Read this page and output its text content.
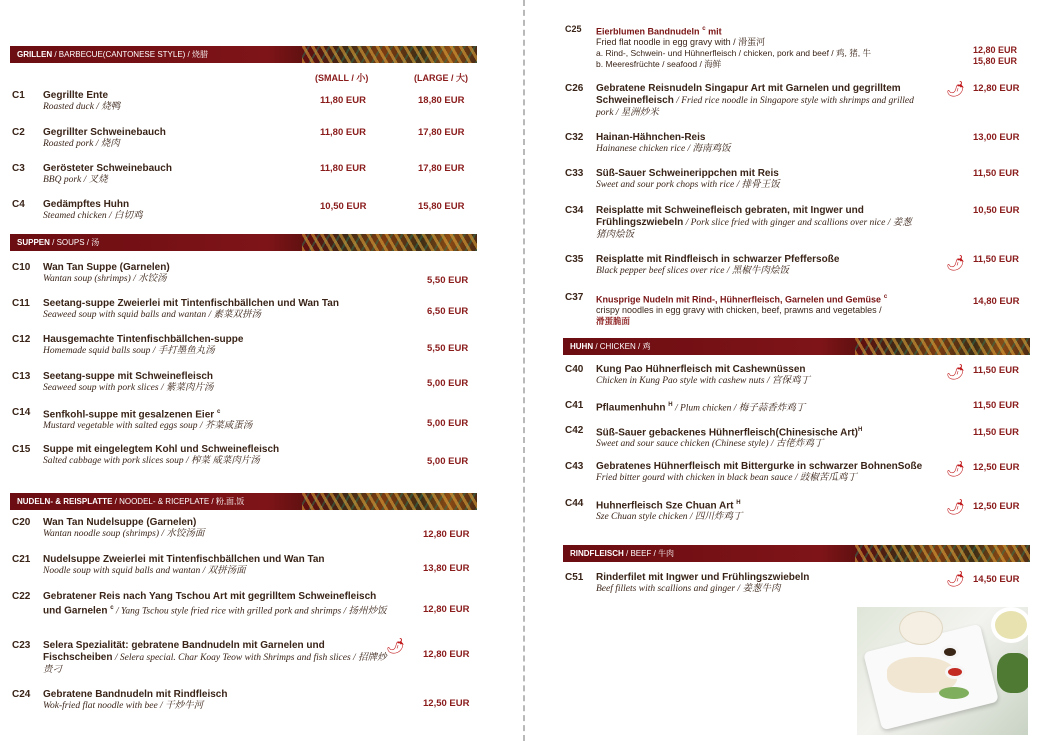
GRILLEN / BARBECUE(CANTONESE STYLE) / 烧腊
(SMALL / 小)	(LARGE / 大)
C1 Gegrillte Ente
Roasted duck / 烧鸭
11,80 EUR	18,80 EUR
C2 Gegrillter Schweinebauch
Roasted pork / 烧肉
11,80 EUR	17,80 EUR
C3 Gerösteter Schweinebauch
BBQ pork / 叉烧
11,80 EUR	17,80 EUR
C4 Gedämpftes Huhn
Steamed chicken / 白切鸡
10,50 EUR	15,80 EUR
SUPPEN / SOUPS / 汤
C10 Wan Tan Suppe (Garnelen)
Wantan soup (shrimps) / 水饺汤	5,50 EUR
C11 Seetang-suppe Zweierlei mit Tintenfischbällchen und Wan Tan
Seaweed soup with squid balls and wantan / 素菜双拼汤	6,50 EUR
C12 Hausgemachte Tintenfischbällchen-suppe
Homemade squid balls soup / 手打墨鱼丸汤	5,50 EUR
C13 Seetang-suppe mit Schweinefleisch
Seaweed soup with pork slices / 紫菜肉片汤	5,00 EUR
C14 Senfkohl-suppe mit gesalzenen Eier $^c$
Mustard vegetable with salted eggs soup / 芥菜咸蛋汤	5,00 EUR
C15 Suppe mit eingelegtem Kohl und Schweinefleisch
Salted cabbage with pork slices soup / 榨菜 威菜肉片汤	5,00 EUR
NUDELN- & REISPLATTE / NOODEL- & RICEPLATE / 粉,面,饭
C20 Wan Tan Nudelsuppe (Garnelen)
Wantan noodle soup (shrimps) / 水饺汤面	12,80 EUR
C21 Nudelsuppe Zweierlei mit Tintenfischbällchen und Wan Tan
Noodle soup with squid balls and wantan / 双拼汤面	13,80 EUR
C22 Gebratener Reis nach Yang Tschou Art mit gegrilltem Schweinefleisch und Garnelen $^c$ / Yang Tschou style fried rice with grilled pork and shrimps / 扬州炒饭	12,80 EUR
C23 Selera Spezialität: gebratene Bandnudeln mit Garnelen und Fischscheiben / Selera special. Char Koay Teow with Shrimps and fish slices / 招牌炒贵刁
🌶 12,80 EUR
C24 Gebratene Bandnudeln mit Rindfleisch
Wok-fried flat noodle with bee / 干炒牛河	12,50 EUR
C25 Eierblumen Bandnudeln $^c$ mit
Fried flat noodle in egg gravy with / 滑蛋河
a. Rind-, Schwein- und Hühnerfleisch / chicken, pork and beef / 鸡, 猪, 牛
b. Meeresfrüchte / seafood / 海鲜
12,80 EUR
15,80 EUR
C26 Gebratene Reisnudeln Singapur Art mit Garnelen und gegrilltem Schweinefleisch / Fried rice noodle in Singapore style with shrimps and grilled pork / 星洲炒米
🌶 12,80 EUR
C32 Hainan-Hähnchen-Reis
Hainanese chicken rice / 海南鸡饭
13,00 EUR
C33 Süß-Sauer Schweinerippchen mit Reis
Sweet and sour pork chops with rice / 排骨王饭
11,50 EUR
C34 Reisplatte mit Schweinefleisch gebraten, mit Ingwer und Frühlingszwiebeln / Pork slice fried with ginger and scallions over nice / 姜葱猪肉烩饭
10,50 EUR
C35 Reisplatte mit Rindfleisch in schwarzer Pfeffersoße
Black pepper beef slices over rice / 黑椒牛肉烩饭	🌶 11,50 EUR
C37 Knusprige Nudeln mit Rind-, Hühnerfleisch, Garnelen und Gemüse $^c$
crispy noodles in egg gravy with chicken, beef, prawns and vegetables /
滑蛋脆面
14,80 EUR
HUHN / CHICKEN / 鸡
C40 Kung Pao Hühnerfleisch mit Cashewnüssen
Chicken in Kung Pao style with cashew nuts / 宫保鸡丁	🌶 11,50 EUR
C41 Pflaumenhuhn $^H$ / Plum chicken / 梅子蒜香炸鸡丁	11,50 EUR
C42 Süß-Sauer gebackenes Hühnerfleisch(Chinesische Art)$^H$
Sweet and sour sauce chicken (Chinese style) / 古佬炸鸡丁
11,50 EUR
C43 Gebratenes Hühnerfleisch mit Bittergurke in schwarzer BohnenSoße
Fried bitter gourd with chicken in black bean sauce / 豉椒苦瓜鸡丁	🌶 12,50 EUR
C44 Huhnerfleisch Sze Chuan Art $^H$
Sze Chuan style chicken / 四川炸鸡丁
🌶 12,50 EUR
RINDFLEISCH / BEEF / 牛肉
C51 Rinderfilet mit Ingwer und Frühlingszwiebeln
Beef fillets with scallions and ginger / 姜葱牛肉
🌶 14,50 EUR
